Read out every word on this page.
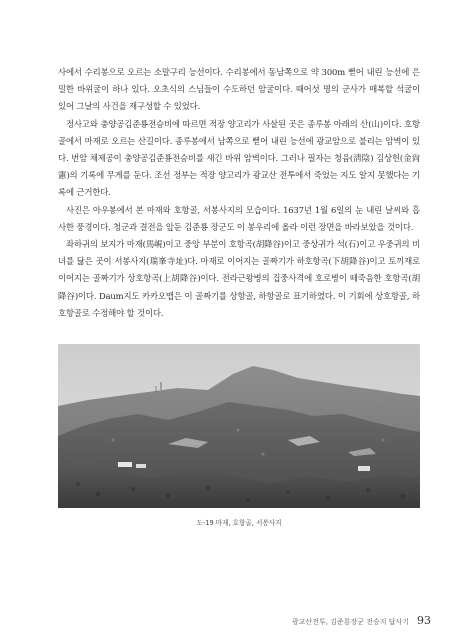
사에서 수리봉으로 오르는 소말구리 능선이다. 수리봉에서 동남쪽으로 약 300m 뻗어 내린 능선에 은밀한 바위굴이 하나 있다. 오초식의 스님들이 수도하던 암굴이다. 때어섯 명의 군사가 매복할 석굴이 있어 그날의 사건을 재구성할 수 있었다.

정사고와 충양공김준룡전승비에 따르면 적장 양고리가 사살된 곳은 종루봉 아래의 산(山)이다. 호항골에서 마재로 오르는 산길이다. 종루봉에서 남쪽으로 뻗어 내린 능선에 광교암으로 불리는 암벽이 있다. 번암 채제공이 충양공김준룡전승비를 새긴 바위 암벽이다. 그러나 필자는 청음(淸陰) 김상헌(金尙憲)의 기록에 무게를 둔다. 조선 정부는 적장 양고리가 광교산 전투에서 죽었는 지도 알지 못했다는 기록에 근거한다.

사진은 아우봉에서 본 마재와 호항골, 서봉사지의 모습이다. 1637년 1월 6일의 눈 내린 날씨와 흡사한 풍경이다. 청군과 결전을 앞둔 김준룡 장군도 이 봉우리에 올라 이런 장면을 바라보았을 것이다.

좌하귀의 보지가 마재(馬峴)이고 중앙 부분이 호항곡(胡降谷)이고 중상귀가 석(石)이고 우중귀의 비녀를 닮은 곳이 서봉사지(瑞峯寺址)다. 마재로 이어지는 골짜기가 하호항곡(下胡降谷)이고 토끼재로 이어지는 골짜기가 상호항곡(上胡降谷)이다. 전라근왕병의 집중사격에 호로병이 떼죽음한 호항곡(胡降谷)이다. Daum지도 카카오맵은 이 골짜기를 상항골, 하항골로 표기하였다. 이 기회에 상호항골, 하호항골로 수정해야 할 것이다.

도-19 마재, 호항골, 서봉사지
광교산전투, 김준룡장군 전승지 답사기 93
